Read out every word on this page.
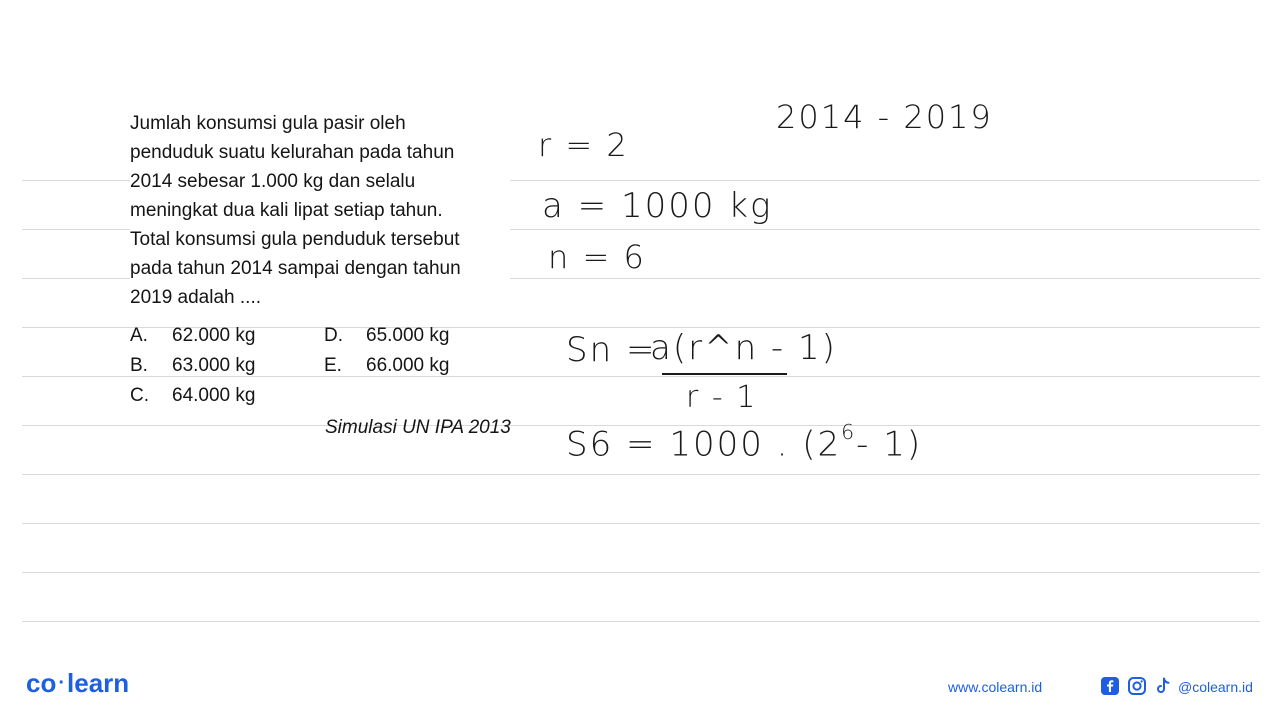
Jumlah konsumsi gula pasir oleh

penduduk suatu kelurahan pada tahun

2014 sebesar 1.000 kg dan selalu

meningkat dua kali lipat setiap tahun.

Total konsumsi gula penduduk tersebut

pada tahun 2014 sampai dengan tahun

2019 adalah ....

A. 62.000 kg
B. 63.000 kg
C. 64.000 kg
D. 65.000 kg
E. 66.000 kg
Simulasi UN IPA 2013
r = 2
2014 - 2019
a = 1000 kg
n = 6
Sn =
a(r^n - 1)
r - 1
S6 = 1000 . ($2^6-$ 1)
co ·learn	www.colearn.id	@colearn.id
